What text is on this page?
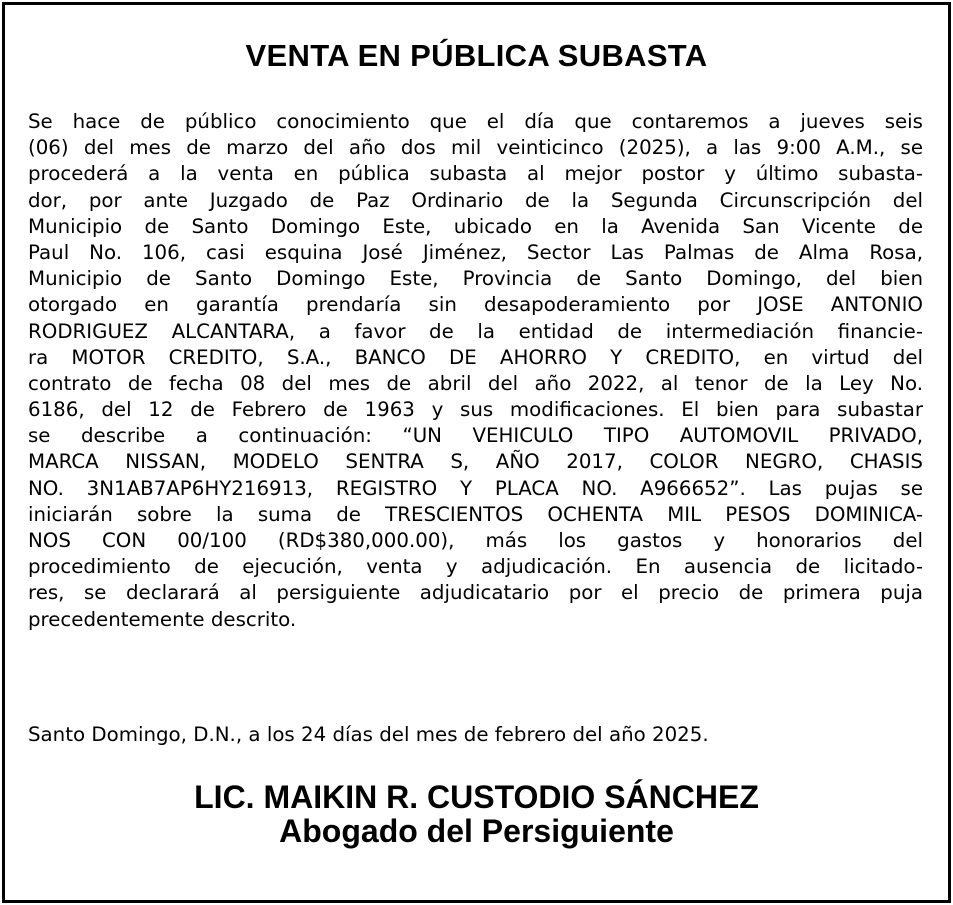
VENTA EN PÚBLICA SUBASTA
Se hace de público conocimiento que el día que contaremos a jueves seis
(06) del mes de marzo del año dos mil veinticinco (2025), a las 9:00 A.M., se
procederá a la venta en pública subasta al mejor postor y último subasta-
dor, por ante Juzgado de Paz Ordinario de la Segunda Circunscripción del
Municipio de Santo Domingo Este, ubicado en la Avenida San Vicente de
Paul No. 106, casi esquina José Jiménez, Sector Las Palmas de Alma Rosa,
Municipio de Santo Domingo Este, Provincia de Santo Domingo, del bien
otorgado en garantía prendaría sin desapoderamiento por JOSE ANTONIO
RODRIGUEZ ALCANTARA, a favor de la entidad de intermediación financie-
ra MOTOR CREDITO, S.A., BANCO DE AHORRO Y CREDITO, en virtud del
contrato de fecha 08 del mes de abril del año 2022, al tenor de la Ley No.
6186, del 12 de Febrero de 1963 y sus modificaciones. El bien para subastar
se describe a continuación: “UN VEHICULO TIPO AUTOMOVIL PRIVADO,
MARCA NISSAN, MODELO SENTRA S, AÑO 2017, COLOR NEGRO, CHASIS
NO. 3N1AB7AP6HY216913, REGISTRO Y PLACA NO. A966652”. Las pujas se
iniciarán sobre la suma de TRESCIENTOS OCHENTA MIL PESOS DOMINICA-
NOS CON 00/100 (RD$380,000.00), más los gastos y honorarios del
procedimiento de ejecución, venta y adjudicación. En ausencia de licitado-
res, se declarará al persiguiente adjudicatario por el precio de primera puja
precedentemente descrito.

Santo Domingo, D.N., a los 24 días del mes de febrero del año 2025.

LIC. MAIKIN R. CUSTODIO SÁNCHEZ
Abogado del Persiguiente
